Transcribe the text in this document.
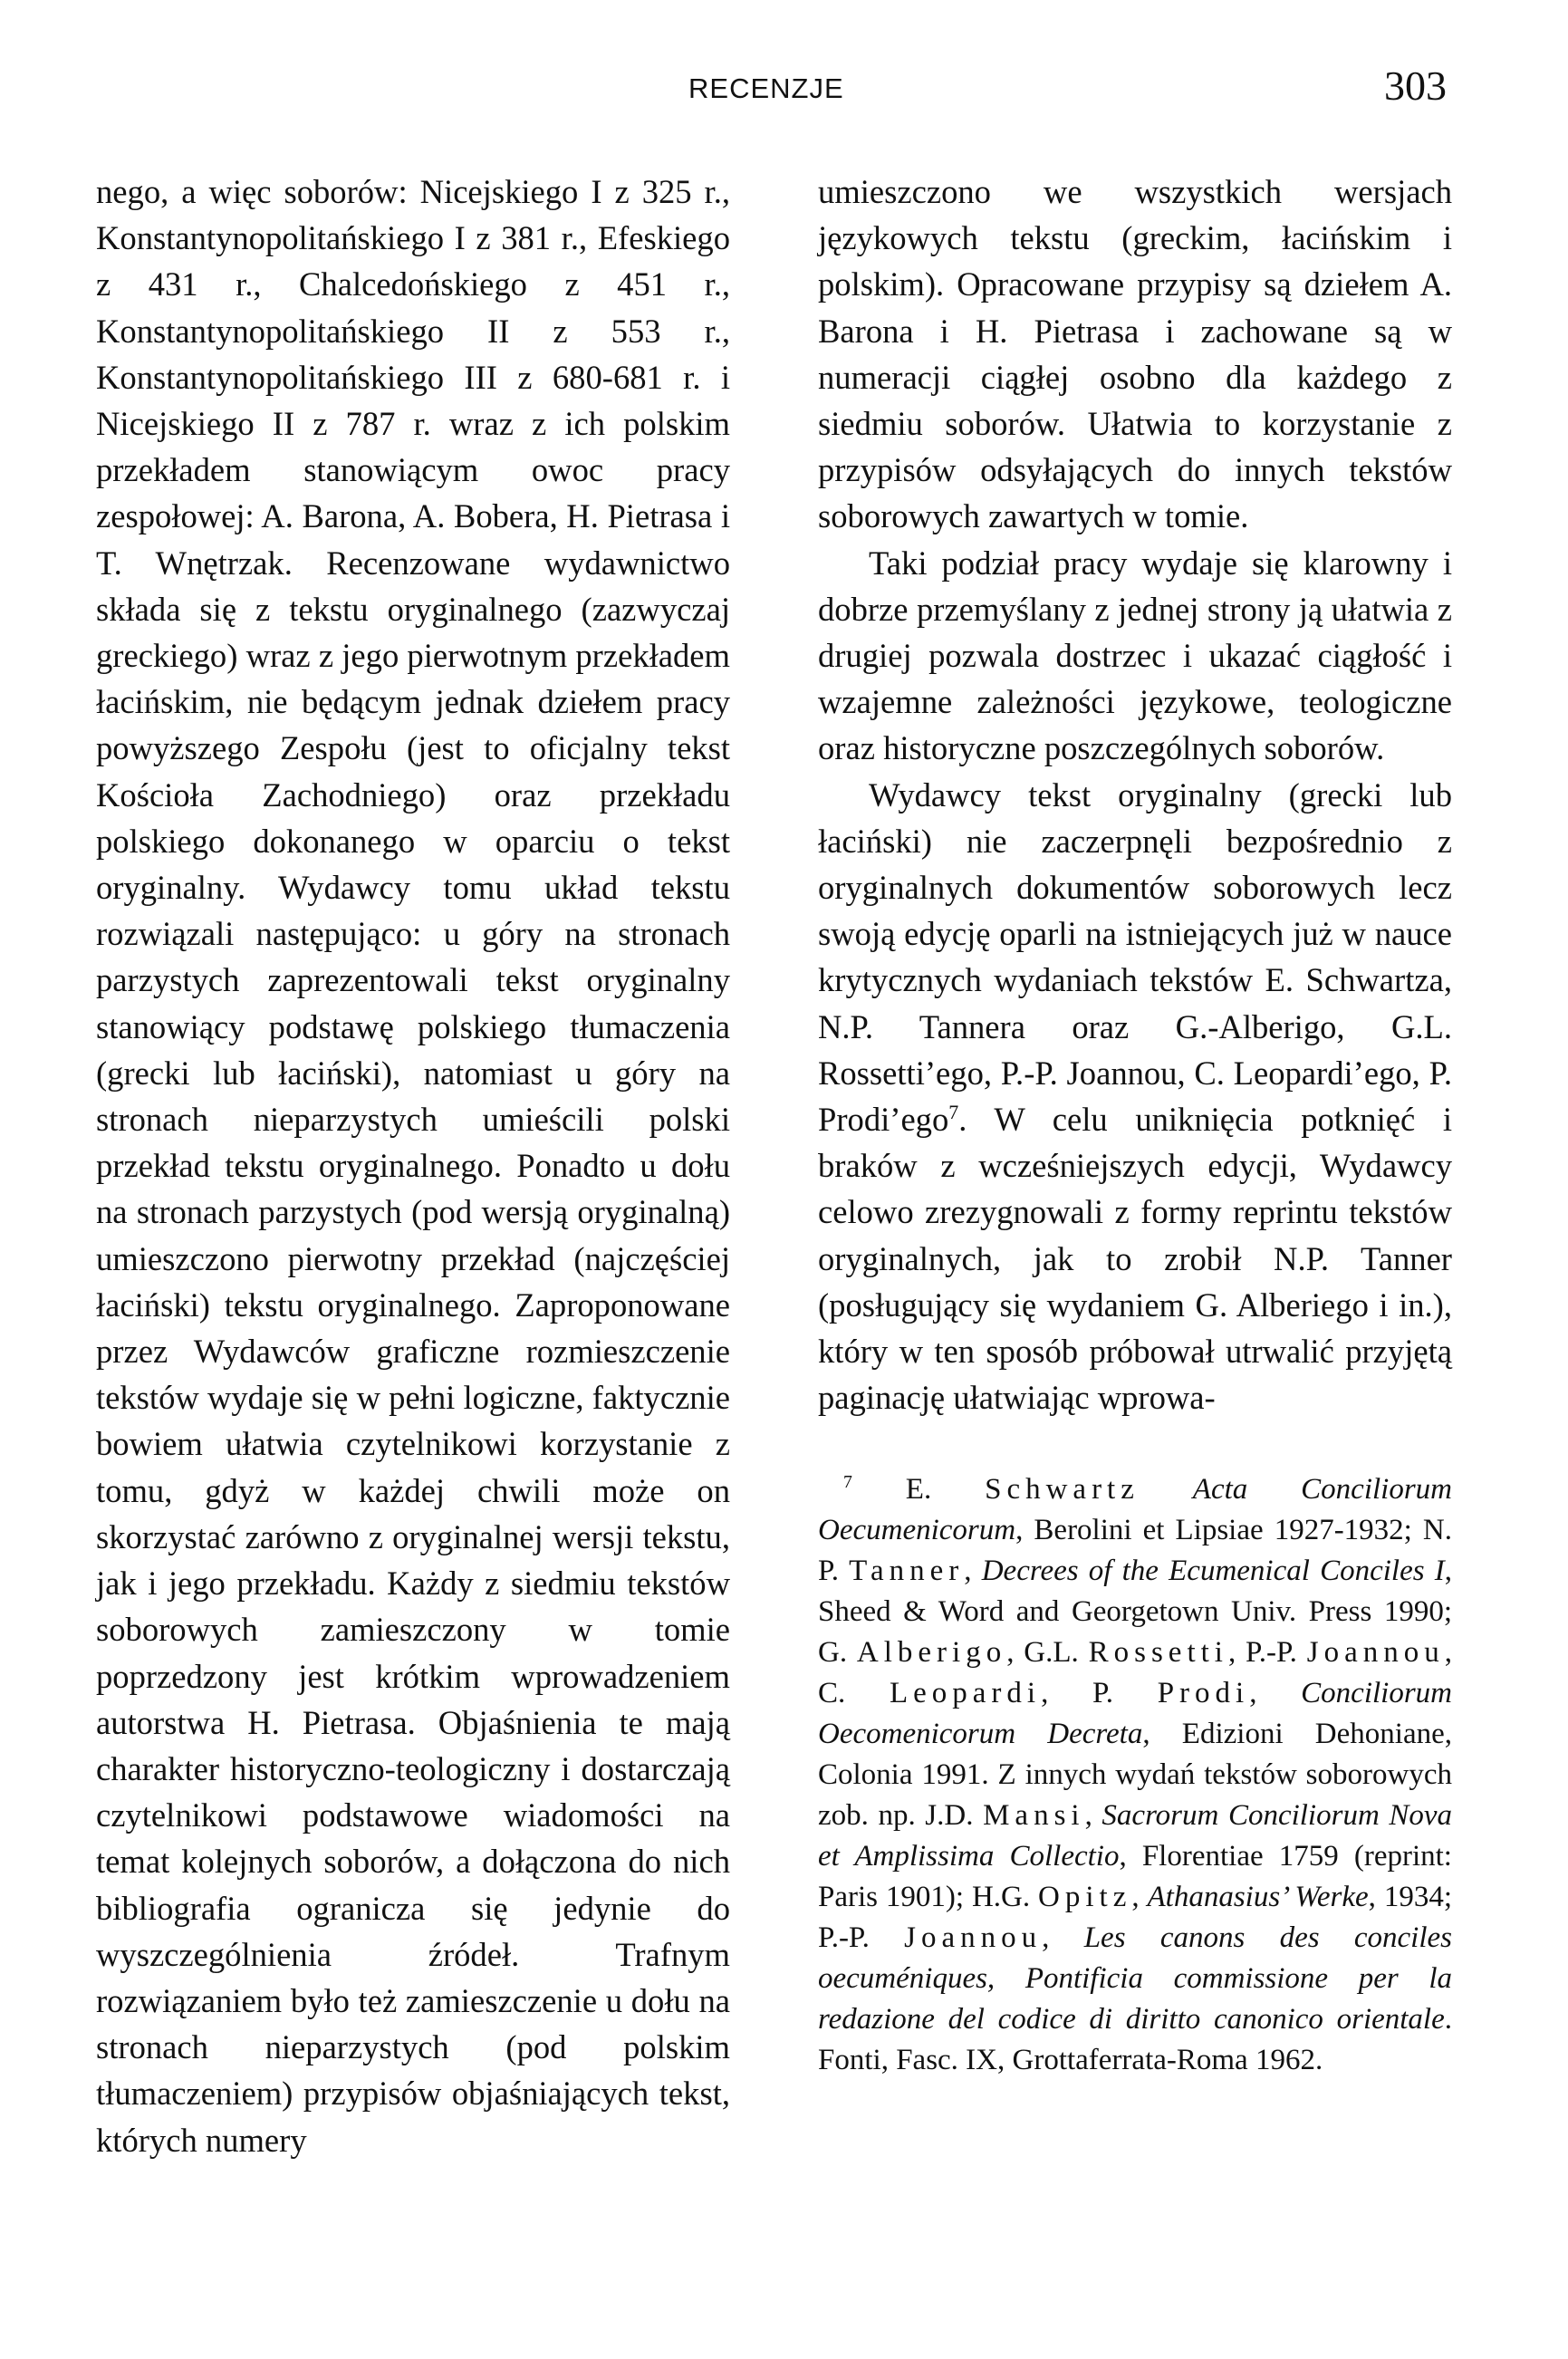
RECENZJE	303

nego, a więc soborów: Nicejskiego I z 325 r., Konstantynopolitańskiego I z 381 r., Efeskiego z 431 r., Chalcedońskiego z 451 r., Konstantynopolitańskiego II z 553 r., Konstantynopolitańskiego III z 680-681 r. i Nicejskiego II z 787 r. wraz z ich polskim przekładem stanowiącym owoc pracy zespołowej: A. Barona, A. Bobera, H. Pietrasa i T. Wnętrzak. Recenzowane wydawnictwo składa się z tekstu oryginalnego (zazwyczaj greckiego) wraz z jego pierwotnym przekładem łacińskim, nie będącym jednak dziełem pracy powyższego Zespołu (jest to oficjalny tekst Kościoła Zachodniego) oraz przekładu polskiego dokonanego w oparciu o tekst oryginalny. Wydawcy tomu układ tekstu rozwiązali następująco: u góry na stronach parzystych zaprezentowali tekst oryginalny stanowiący podstawę polskiego tłumaczenia (grecki lub łaciński), natomiast u góry na stronach nieparzystych umieścili polski przekład tekstu oryginalnego. Ponadto u dołu na stronach parzystych (pod wersją oryginalną) umieszczono pierwotny przekład (najczęściej łaciński) tekstu oryginalnego. Zaproponowane przez Wydawców graficzne rozmieszczenie tekstów wydaje się w pełni logiczne, faktycznie bowiem ułatwia czytelnikowi korzystanie z tomu, gdyż w każdej chwili może on skorzystać zarówno z oryginalnej wersji tekstu, jak i jego przekładu. Każdy z siedmiu tekstów soborowych zamieszczony w tomie poprzedzony jest krótkim wprowadzeniem autorstwa H. Pietrasa. Objaśnienia te mają charakter historyczno-teologiczny i dostarczają czytelnikowi podstawowe wiadomości na temat kolejnych soborów, a dołączona do nich bibliografia ogranicza się jedynie do wyszczególnienia źródeł. Trafnym rozwiązaniem było też zamieszczenie u dołu na stronach nieparzystych (pod polskim tłumaczeniem) przypisów objaśniających tekst, których numery

umieszczono we wszystkich wersjach językowych tekstu (greckim, łacińskim i polskim). Opracowane przypisy są dziełem A. Barona i H. Pietrasa i zachowane są w numeracji ciągłej osobno dla każdego z siedmiu soborów. Ułatwia to korzystanie z przypisów odsyłających do innych tekstów soborowych zawartych w tomie.

Taki podział pracy wydaje się klarowny i dobrze przemyślany z jednej strony ją ułatwia z drugiej pozwala dostrzec i ukazać ciągłość i wzajemne zależności językowe, teologiczne oraz historyczne poszczególnych soborów.

Wydawcy tekst oryginalny (grecki lub łaciński) nie zaczerpnęli bezpośrednio z oryginalnych dokumentów soborowych lecz swoją edycję oparli na istniejących już w nauce krytycznych wydaniach tekstów E. Schwartza, N.P. Tannera oraz G.-Alberigo, G.L. Rossetti’ego, P.-P. Joannou, C. Leopardi’ego, P. Prodi’ego$^7$. W celu uniknięcia potknięć i braków z wcześniejszych edycji, Wydawcy celowo zrezygnowali z formy reprintu tekstów oryginalnych, jak to zrobił N.P. Tanner (posługujący się wydaniem G. Alberiego i in.), który w ten sposób próbował utrwalić przyjętą paginację ułatwiając wprowa-

$^7$ E. Schwartz Acta Conciliorum Oecumenicorum, Berolini et Lipsiae 1927-1932; N. P. Tanner, Decrees of the Ecumenical Conciles I, Sheed & Word and Georgetown Univ. Press 1990; G. Alberigo, G.L. Rossetti, P.-P. Joannou, C. Leopardi, P. Prodi, Conciliorum Oecomenicorum Decreta, Edizioni Dehoniane, Colonia 1991. Z innych wydań tekstów soborowych zob. np. J.D. Mansi, Sacrorum Conciliorum Nova et Amplissima Collectio, Florentiae 1759 (reprint: Paris 1901); H.G. Opitz, Athanasius’ Werke, 1934; P.-P. Joannou, Les canons des conciles oecuméniques, Pontificia commissione per la redazione del codice di diritto canonico orientale. Fonti, Fasc. IX, Grottaferrata-Roma 1962.
